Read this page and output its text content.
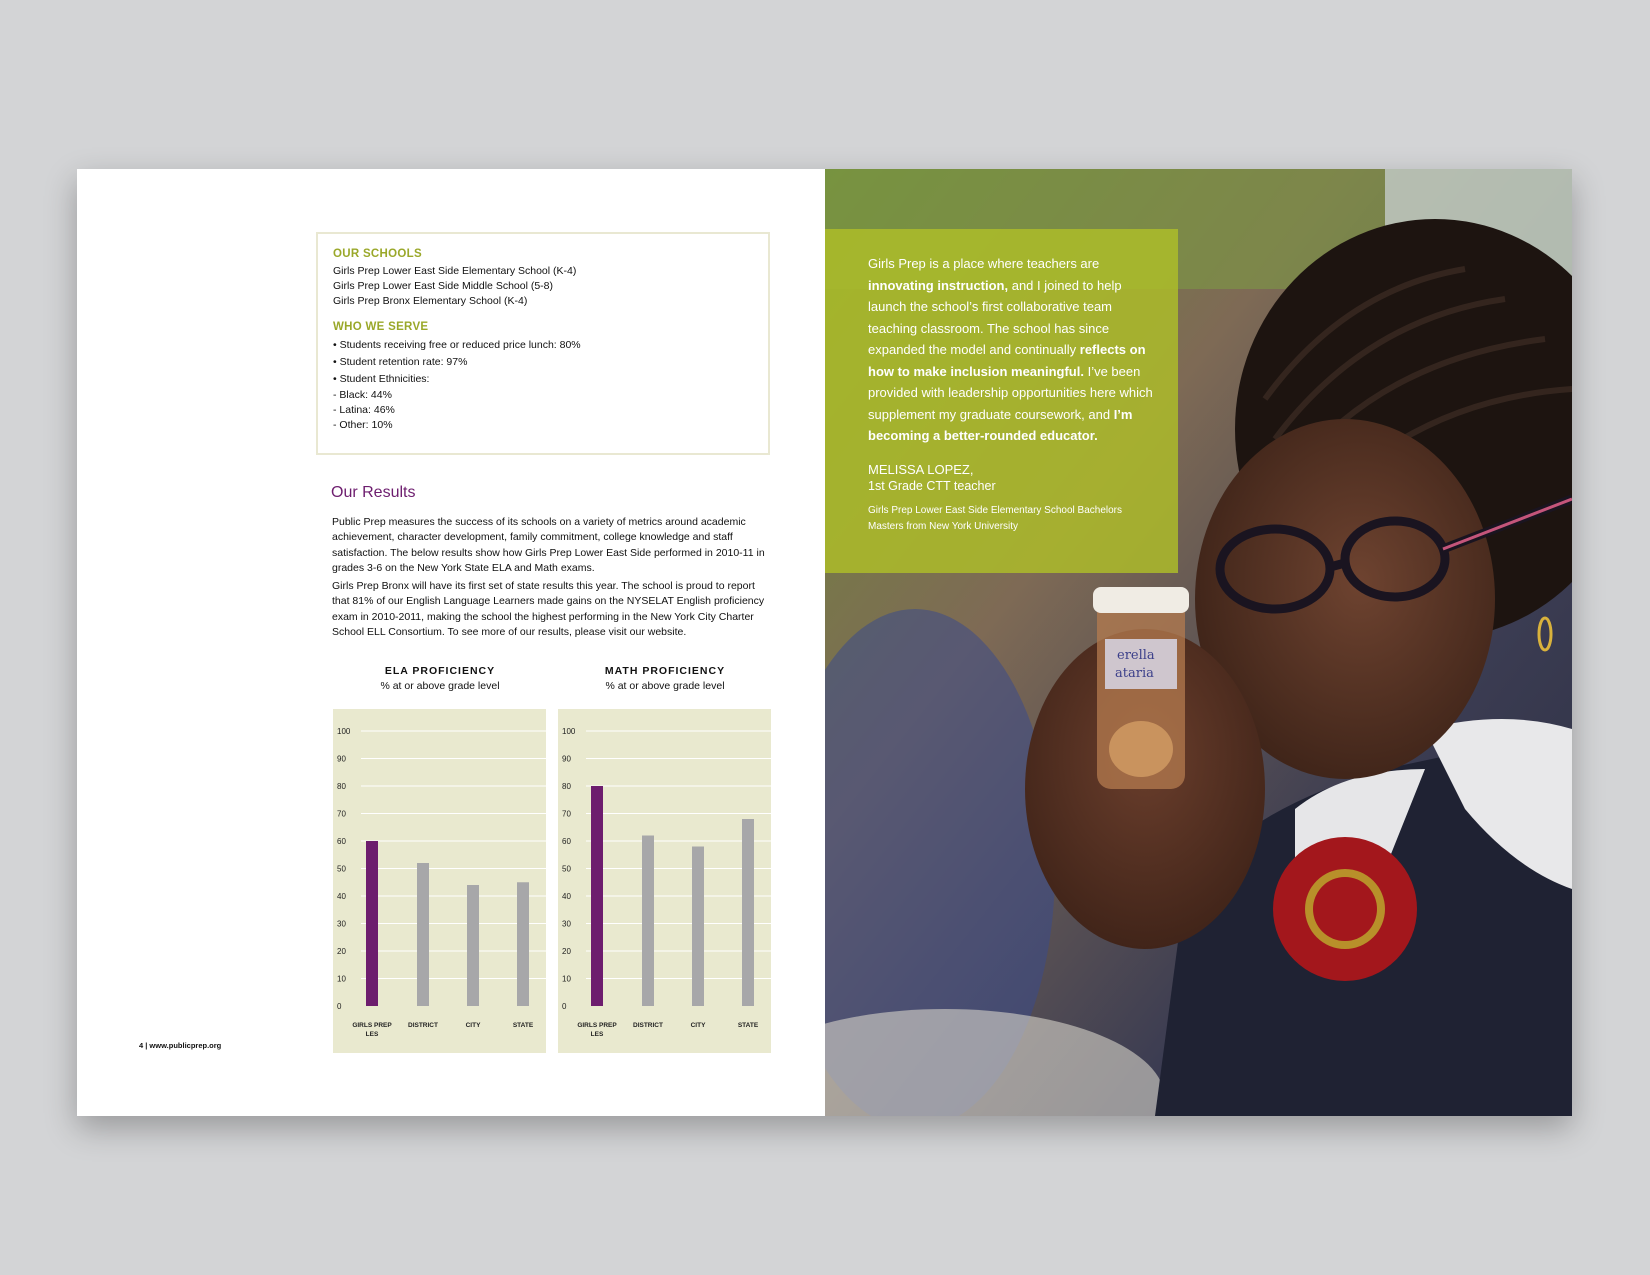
OUR SCHOOLS
Girls Prep Lower East Side Elementary School (K-4)
Girls Prep Lower East Side Middle School (5-8)
Girls Prep Bronx Elementary School (K-4)
WHO WE SERVE
• Students receiving free or reduced price lunch: 80%
• Student retention rate: 97%
• Student Ethnicities:
- Black: 44%
- Latina: 46%
- Other: 10%
Our Results

Public Prep measures the success of its schools on a variety of metrics around academic achievement, character development, family commitment, college knowledge and staff satisfaction. The below results show how Girls Prep Lower East Side performed in 2010-11 in grades 3-6 on the New York State ELA and Math exams.

Girls Prep Bronx will have its first set of state results this year. The school is proud to report that 81% of our English Language Learners made gains on the NYSELAT English proficiency exam in 2010-2011, making the school the highest performing in the New York City Charter School ELL Consortium. To see more of our results, please visit our website.

ELA PROFICIENCY
% at or above grade level
MATH PROFICIENCY
% at or above grade level
0
10
20
30
40
50
60
70
80
90
100
GIRLS PREP
LES
DISTRICT	CITY	STATE
0
10
20
30
40
50
60
70
80
90
100
GIRLS PREP
LES
DISTRICT	CITY	STATE
4 | www.publicprep.org
erella
ataria
Girls Prep is a place where teachers are innovating instruction, and I joined to help launch the school’s first collaborative team teaching classroom. The school has since expanded the model and continually reflects on how to make inclusion meaningful. I’ve been provided with leadership opportunities here which supplement my graduate coursework, and I’m becoming a better-rounded educator.
MELISSA LOPEZ,
1st Grade CTT teacher
Girls Prep Lower East Side Elementary School Bachelors
Masters from New York University
